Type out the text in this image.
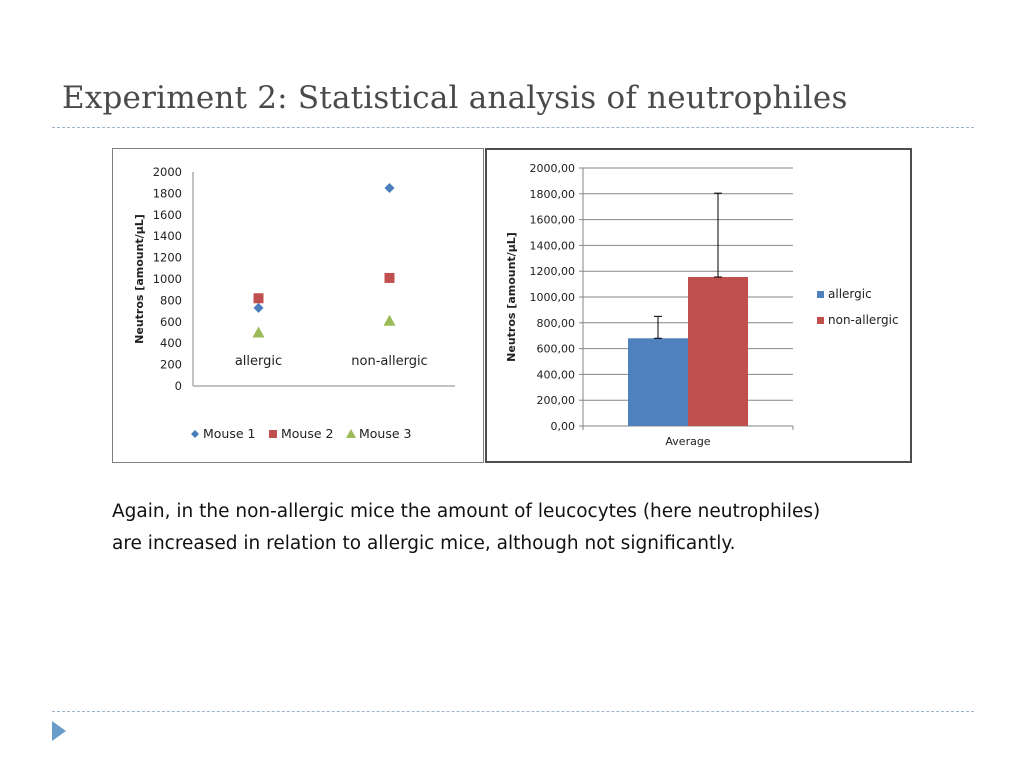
Experiment 2: Statistical analysis of neutrophiles
0
200
400
600
800
1000
1200
1400
1600
1800
2000
allergic	non-allergic
Neutros [amount/µL]
Mouse 1 Mouse 2 Mouse 3	0,00
200,00
400,00
600,00
800,00
1000,00
1200,00
1400,00
1600,00
1800,00
2000,00
Average
Neutros [amount/µL]	allergic
non-allergic
Again, in the non-allergic mice the amount of leucocytes (here neutrophiles)
are increased in relation to allergic mice, although not significantly.
